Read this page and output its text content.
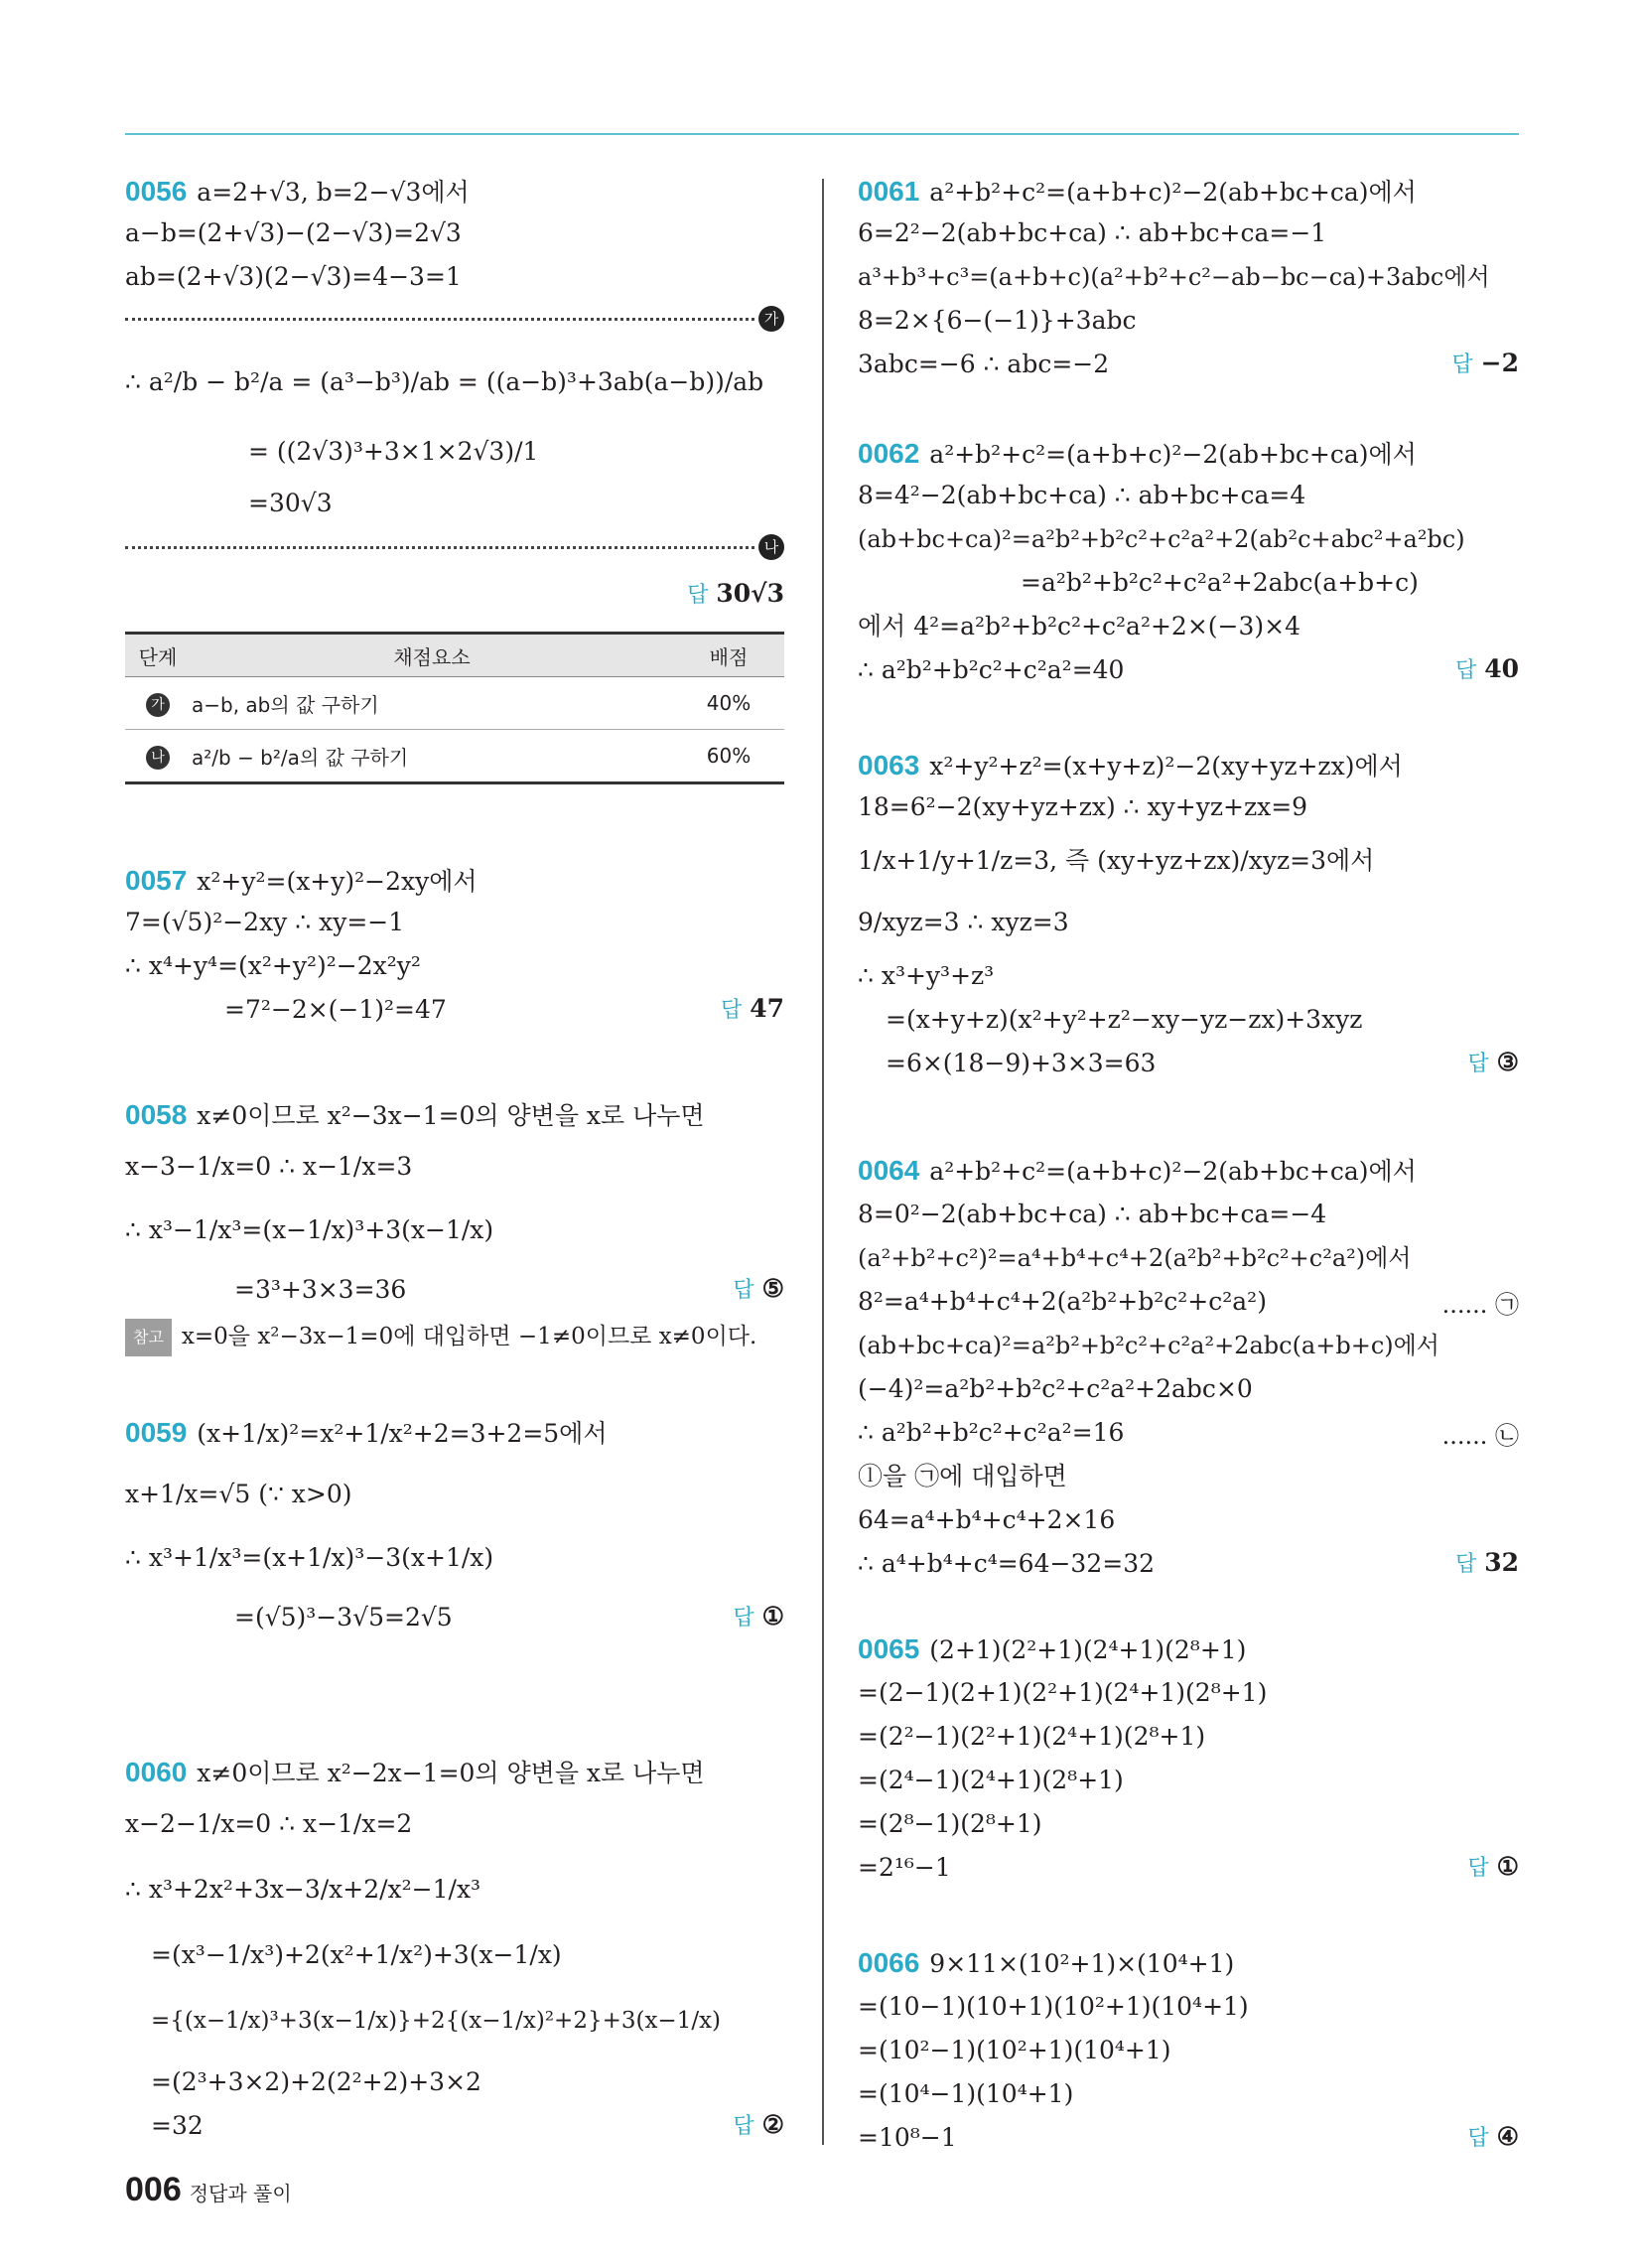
0056 a=2+√3, b=2−√3에서
a−b=(2+√3)−(2−√3)=2√3
ab=(2+√3)(2−√3)=4−3=1
가
∴ a²/b − b²/a = (a³−b³)/ab = ((a−b)³+3ab(a−b))/ab
= ((2√3)³+3×1×2√3)/1
=30√3
나
답 30√3
단계	채점요소	배점
가	a−b, ab의 값 구하기	40%
나	a²/b − b²/a의 값 구하기	60%
0057 x²+y²=(x+y)²−2xy에서
7=(√5)²−2xy ∴ xy=−1
∴ x⁴+y⁴=(x²+y²)²−2x²y²
=7²−2×(−1)²=47	답 47
0058 x≠0이므로 x²−3x−1=0의 양변을 x로 나누면
x−3−1/x=0 ∴ x−1/x=3
∴ x³−1/x³=(x−1/x)³+3(x−1/x)
=3³+3×3=36	답 ⑤
참고 x=0을 x²−3x−1=0에 대입하면 −1≠0이므로 x≠0이다.
0059 (x+1/x)²=x²+1/x²+2=3+2=5에서
x+1/x=√5 (∵ x>0)
∴ x³+1/x³=(x+1/x)³−3(x+1/x)
=(√5)³−3√5=2√5	답 ①
0060 x≠0이므로 x²−2x−1=0의 양변을 x로 나누면
x−2−1/x=0 ∴ x−1/x=2
∴ x³+2x²+3x−3/x+2/x²−1/x³
=(x³−1/x³)+2(x²+1/x²)+3(x−1/x)
={(x−1/x)³+3(x−1/x)}+2{(x−1/x)²+2}+3(x−1/x)
=(2³+3×2)+2(2²+2)+3×2
=32	답 ②
0061 a²+b²+c²=(a+b+c)²−2(ab+bc+ca)에서
6=2²−2(ab+bc+ca) ∴ ab+bc+ca=−1
a³+b³+c³=(a+b+c)(a²+b²+c²−ab−bc−ca)+3abc에서
8=2×{6−(−1)}+3abc
3abc=−6 ∴ abc=−2	답 −2
0062 a²+b²+c²=(a+b+c)²−2(ab+bc+ca)에서
8=4²−2(ab+bc+ca) ∴ ab+bc+ca=4
(ab+bc+ca)²=a²b²+b²c²+c²a²+2(ab²c+abc²+a²bc)
=a²b²+b²c²+c²a²+2abc(a+b+c)
에서 4²=a²b²+b²c²+c²a²+2×(−3)×4
∴ a²b²+b²c²+c²a²=40	답 40
0063 x²+y²+z²=(x+y+z)²−2(xy+yz+zx)에서
18=6²−2(xy+yz+zx) ∴ xy+yz+zx=9
1/x+1/y+1/z=3, 즉 (xy+yz+zx)/xyz=3에서
9/xyz=3 ∴ xyz=3
∴ x³+y³+z³
=(x+y+z)(x²+y²+z²−xy−yz−zx)+3xyz
=6×(18−9)+3×3=63	답 ③
0064 a²+b²+c²=(a+b+c)²−2(ab+bc+ca)에서
8=0²−2(ab+bc+ca) ∴ ab+bc+ca=−4
(a²+b²+c²)²=a⁴+b⁴+c⁴+2(a²b²+b²c²+c²a²)에서
8²=a⁴+b⁴+c⁴+2(a²b²+b²c²+c²a²)	...... ㉠
(ab+bc+ca)²=a²b²+b²c²+c²a²+2abc(a+b+c)에서
(−4)²=a²b²+b²c²+c²a²+2abc×0
∴ a²b²+b²c²+c²a²=16	...... ㉡
ⓛ을 ㉠에 대입하면
64=a⁴+b⁴+c⁴+2×16
∴ a⁴+b⁴+c⁴=64−32=32	답 32
0065 (2+1)(2²+1)(2⁴+1)(2⁸+1)
=(2−1)(2+1)(2²+1)(2⁴+1)(2⁸+1)
=(2²−1)(2²+1)(2⁴+1)(2⁸+1)
=(2⁴−1)(2⁴+1)(2⁸+1)
=(2⁸−1)(2⁸+1)
=2¹⁶−1	답 ①
0066 9×11×(10²+1)×(10⁴+1)
=(10−1)(10+1)(10²+1)(10⁴+1)
=(10²−1)(10²+1)(10⁴+1)
=(10⁴−1)(10⁴+1)
=10⁸−1	답 ④
006 정답과 풀이
